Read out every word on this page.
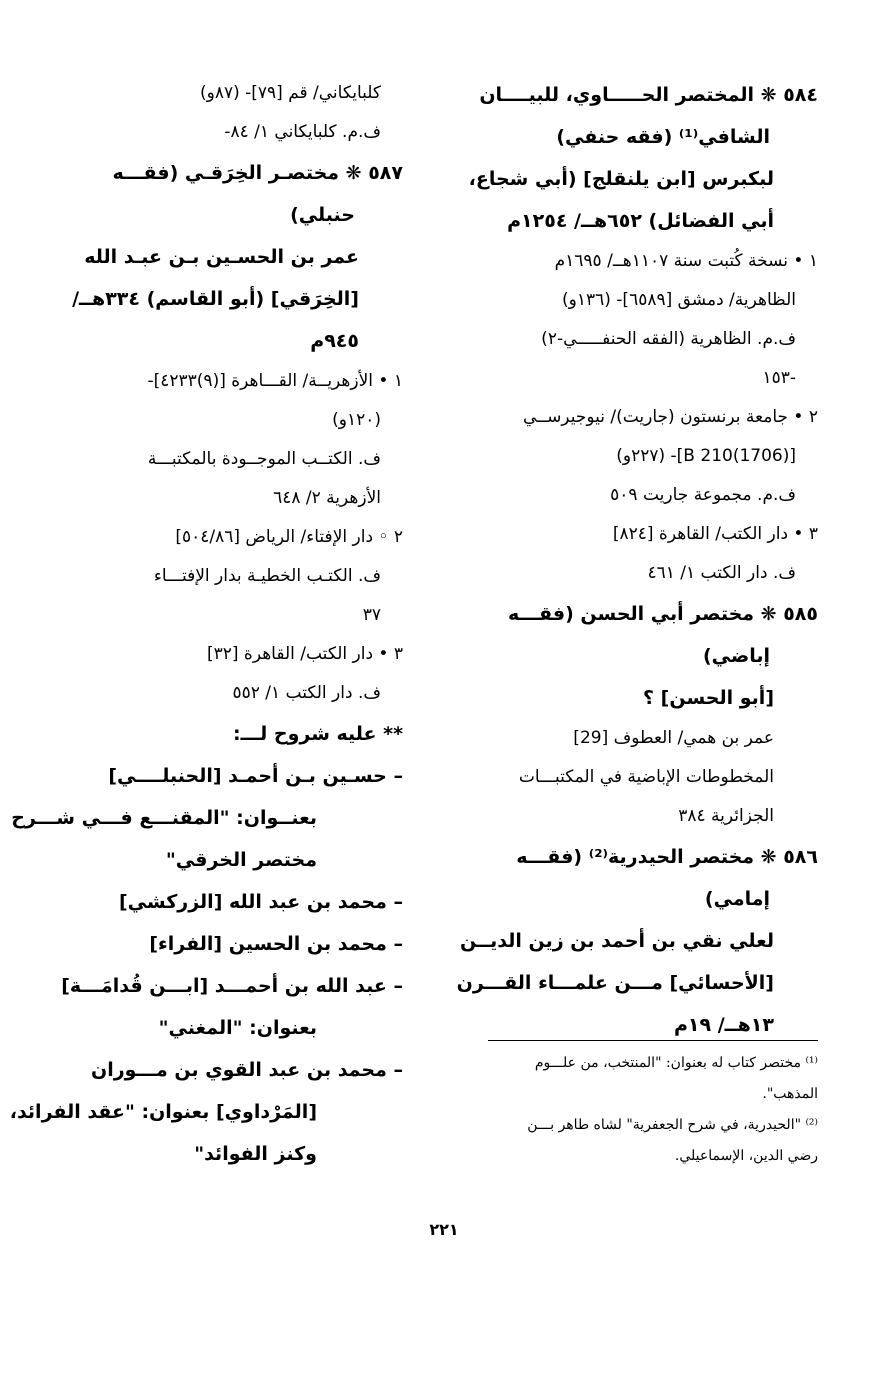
٥٨٤ ❋ المختصر الحـــــاوي، للبيــــان
الشافي⁽¹⁾ (فقه حنفي)
لبكبرس [ابن يلنقلج] (أبي شجاع،
أبي الفضائل) ٦٥٢هــ/ ١٢٥٤م
١ • نسخة كُتبت سنة ١١٠٧هــ/ ١٦٩٥م
الظاهرية/ دمشق [٦٥٨٩]- (١٣٦و)
ف.م. الظاهرية (الفقه الحنفـــــي-٢)
-١٥٣
٢ • جامعة برنستون (جاريت)/ نيوجيرســي
[(1706)210 B]- (٢٢٧و)
ف.م. مجموعة جاريت ٥٠٩
٣ • دار الكتب/ القاهرة [٨٢٤]
ف. دار الكتب ١/ ٤٦١
٥٨٥ ❋ مختصر أبي الحسن (فقـــه
إباضي)
[أبو الحسن] ؟
عمر بن همي/ العطوف [29]
المخطوطات الإباضية في المكتبـــات
الجزائرية ٣٨٤
٥٨٦ ❋ مختصر الحيدرية⁽²⁾ (فقـــه
إمامي)
لعلي نقي بن أحمد بن زين الديــن
[الأحسائي] مـــن علمـــاء القـــرن
١٣هــ/ ١٩م
كلبايكاني/ قم [٧٩]- (٨٧و)
ف.م. كلبايكاني ١/ ٨٤-
٥٨٧ ❋ مختصـر الخِرَقـي (فقـــه
حنبلي)
عمر بن الحسـين بـن عبـد الله
[الخِرَقي] (أبو القاسم) ٣٣٤هــ/
٩٤٥م
١ • الأزهريــة/ القـــاهرة [(٩)٤٢٣٣]-
(١٢٠و)
ف. الكتــب الموجــودة بالمكتبـــة
الأزهرية ٢/ ٦٤٨
٢ ◦ دار الإفتاء/ الرياض [٥٠٤/٨٦]
ف. الكتـب الخطيـة بدار الإفتـــاء
٣٧
٣ • دار الكتب/ القاهرة [٣٢]
ف. دار الكتب ١/ ٥٥٢
** عليه شروح لـــ:
– حسـين بـن أحمـد [الحنبلــــي]
بعنــوان: "المقنـــع فـــي شـــرح
مختصر الخرقي"
– محمد بن عبد الله [الزركشي]
– محمد بن الحسين [الفراء]
– عبد الله بن أحمـــد [ابـــن قُدامَـــة]
بعنوان: "المغني"
– محمد بن عبد القوي بن مـــوران
[المَرْداوي] بعنوان: "عقد الفرائد،
وكنز الفوائد"
⁽¹⁾ مختصر كتاب له بعنوان: "المنتخب، من علـــوم
المذهب".
⁽²⁾ "الحيدرية، في شرح الجعفرية" لشاه طاهر بـــن
رضي الدين، الإسماعيلي.
٢٢١
